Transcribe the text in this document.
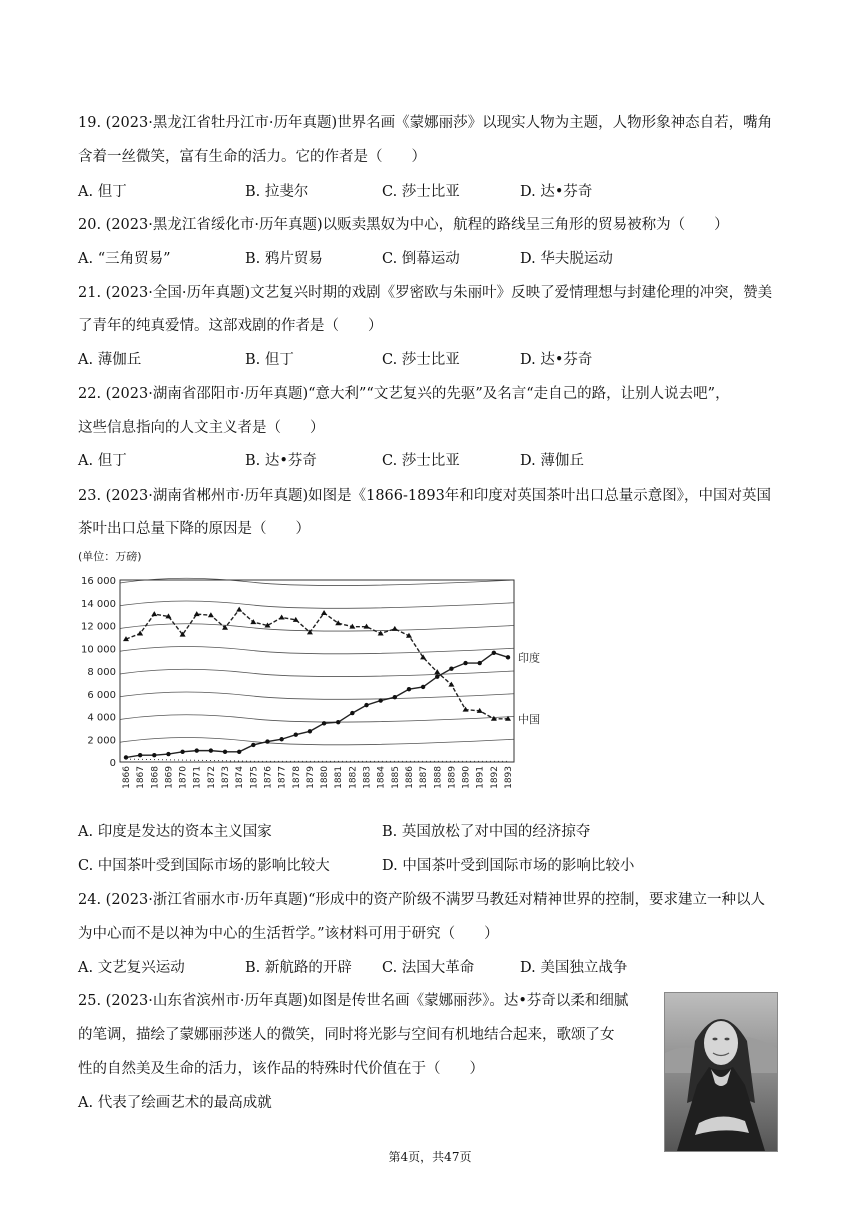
19. (2023·黑龙江省牡丹江市·历年真题)世界名画《蒙娜丽莎》以现实人物为主题，人物形象神态自若，嘴角
含着一丝微笑，富有生命的活力。它的作者是（　　）
A. 但丁	B. 拉斐尔	C. 莎士比亚	D. 达•芬奇
20. (2023·黑龙江省绥化市·历年真题)以贩卖黑奴为中心，航程的路线呈三角形的贸易被称为（　　）
A. “三角贸易”	B. 鸦片贸易	C. 倒幕运动	D. 华夫脱运动
21. (2023·全国·历年真题)文艺复兴时期的戏剧《罗密欧与朱丽叶》反映了爱情理想与封建伦理的冲突，赞美
了青年的纯真爱情。这部戏剧的作者是（　　）
A. 薄伽丘	B. 但丁	C. 莎士比亚	D. 达•芬奇
22. (2023·湖南省邵阳市·历年真题)“意大利”“文艺复兴的先驱”及名言“走自己的路，让别人说去吧”，
这些信息指向的人文主义者是（　　）
A. 但丁	B. 达•芬奇	C. 莎士比亚	D. 薄伽丘
23. (2023·湖南省郴州市·历年真题)如图是《1866-1893年和印度对英国茶叶出口总量示意图》，中国对英国
茶叶出口总量下降的原因是（　　）
(单位：万磅)
0
2 000
4 000
6 000
8 000
10 000
12 000
14 000
16 000
1866 1867 1868 1869 1870 1871 1872 1873 1874 1875 1876 1877 1878 1879 1880 1881 1882 1883 1884 1885 1886 1887 1888 1889 1890 1891 1892 1893
印度
中国
A. 印度是发达的资本主义国家	B. 英国放松了对中国的经济掠夺
C. 中国茶叶受到国际市场的影响比较大	D. 中国茶叶受到国际市场的影响比较小
24. (2023·浙江省丽水市·历年真题)“形成中的资产阶级不满罗马教廷对精神世界的控制，要求建立一种以人
为中心而不是以神为中心的生活哲学。”该材料可用于研究（　　）
A. 文艺复兴运动	B. 新航路的开辟 C. 法国大革命	D. 美国独立战争
25. (2023·山东省滨州市·历年真题)如图是传世名画《蒙娜丽莎》。达•芬奇以柔和细腻
的笔调，描绘了蒙娜丽莎迷人的微笑，同时将光影与空间有机地结合起来，歌颂了女
性的自然美及生命的活力，该作品的特殊时代价值在于（　　）
A. 代表了绘画艺术的最高成就
第4页，共47页
